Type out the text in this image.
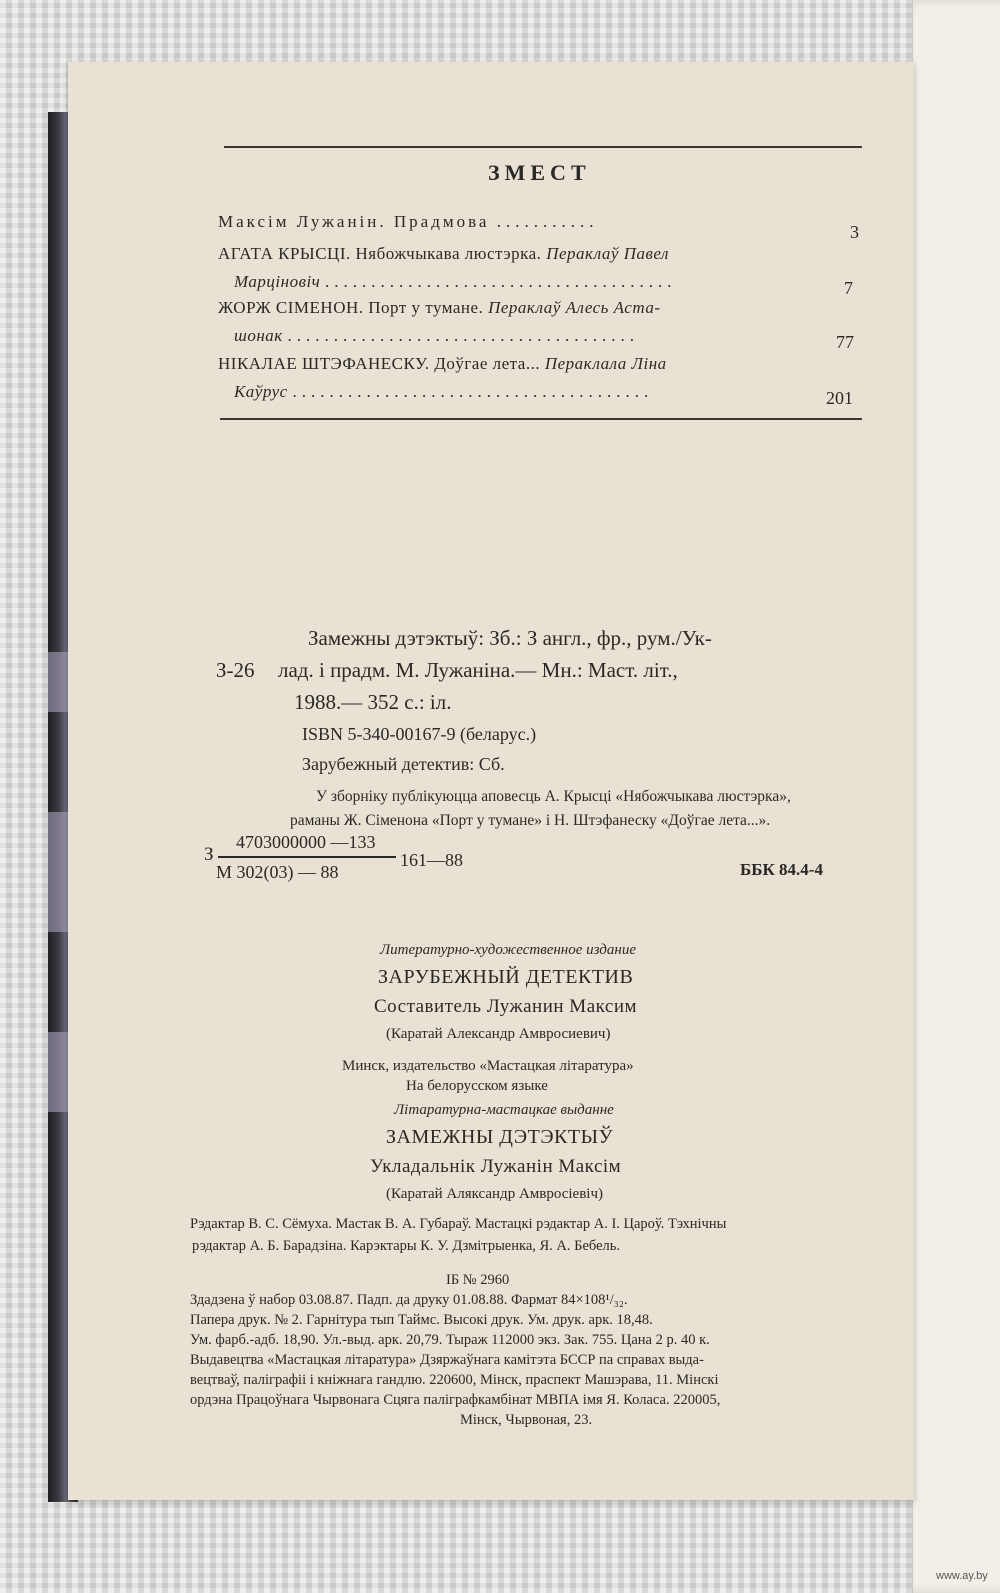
ЗМЕСТ
Максім Лужанін. Прадмова ...........
3
АГАТА КРЫСЦІ. Нябожчыкава люстэрка. Пераклаў Павел
Марціновіч ......................................	7
ЖОРЖ СІМЕНОН. Порт у тумане. Пераклаў Алесь Аста-
шонак ......................................	77
НІКАЛАЕ ШТЭФАНЕСКУ. Доўгае лета... Пераклала Ліна
Каўрус .......................................	201
Замежны дэтэктыў: Зб.: З англ., фр., рум./Ук-
З-26 лад. і прадм. М. Лужаніна.— Мн.: Маст. літ.,
1988.— 352 с.: іл.
ISBN 5-340-00167-9 (беларус.)
Зарубежный детектив: Сб.
У зборніку публікуюцца аповесць А. Крысці «Нябожчыкава люстэрка»,
раманы Ж. Сіменона «Порт у тумане» і Н. Штэфанеску «Доўгае лета...».
З
4703000000 —133
161—88
М 302(03) — 88	ББК 84.4-4
Литературно-художественное издание
ЗАРУБЕЖНЫЙ ДЕТЕКТИВ
Составитель Лужанин Максим
(Каратай Александр Амвросиевич)
Минск, издательство «Мастацкая літаратура»
На белорусском языке
Літаратурна-мастацкае выданне
ЗАМЕЖНЫ ДЭТЭКТЫЎ
Укладальнік Лужанін Максім
(Каратай Аляксандр Амвросіевіч)
Рэдактар В. С. Сёмуха. Мастак В. А. Губараў. Мастацкі рэдактар А. І. Цароў. Тэхнічны
рэдактар А. Б. Барадзіна. Карэктары К. У. Дзмітрыенка, Я. А. Бебель.
ІБ № 2960
Здадзена ў набор 03.08.87. Падп. да друку 01.08.88. Фармат 84×108¹/₃₂.
Папера друк. № 2. Гарнітура тып Таймс. Высокі друк. Ум. друк. арк. 18,48.
Ум. фарб.-адб. 18,90. Ул.-выд. арк. 20,79. Тыраж 112000 экз. Зак. 755. Цана 2 р. 40 к.
Выдавецтва «Мастацкая літаратура» Дзяржаўнага камітэта БССР па справах выда-
вецтваў, паліграфіі і кніжнага гандлю. 220600, Мінск, праспект Машэрава, 11. Мінскі
ордэна Працоўнага Чырвонага Сцяга паліграфкамбінат МВПА імя Я. Коласа. 220005,
Мінск, Чырвоная, 23.
www.ay.by
